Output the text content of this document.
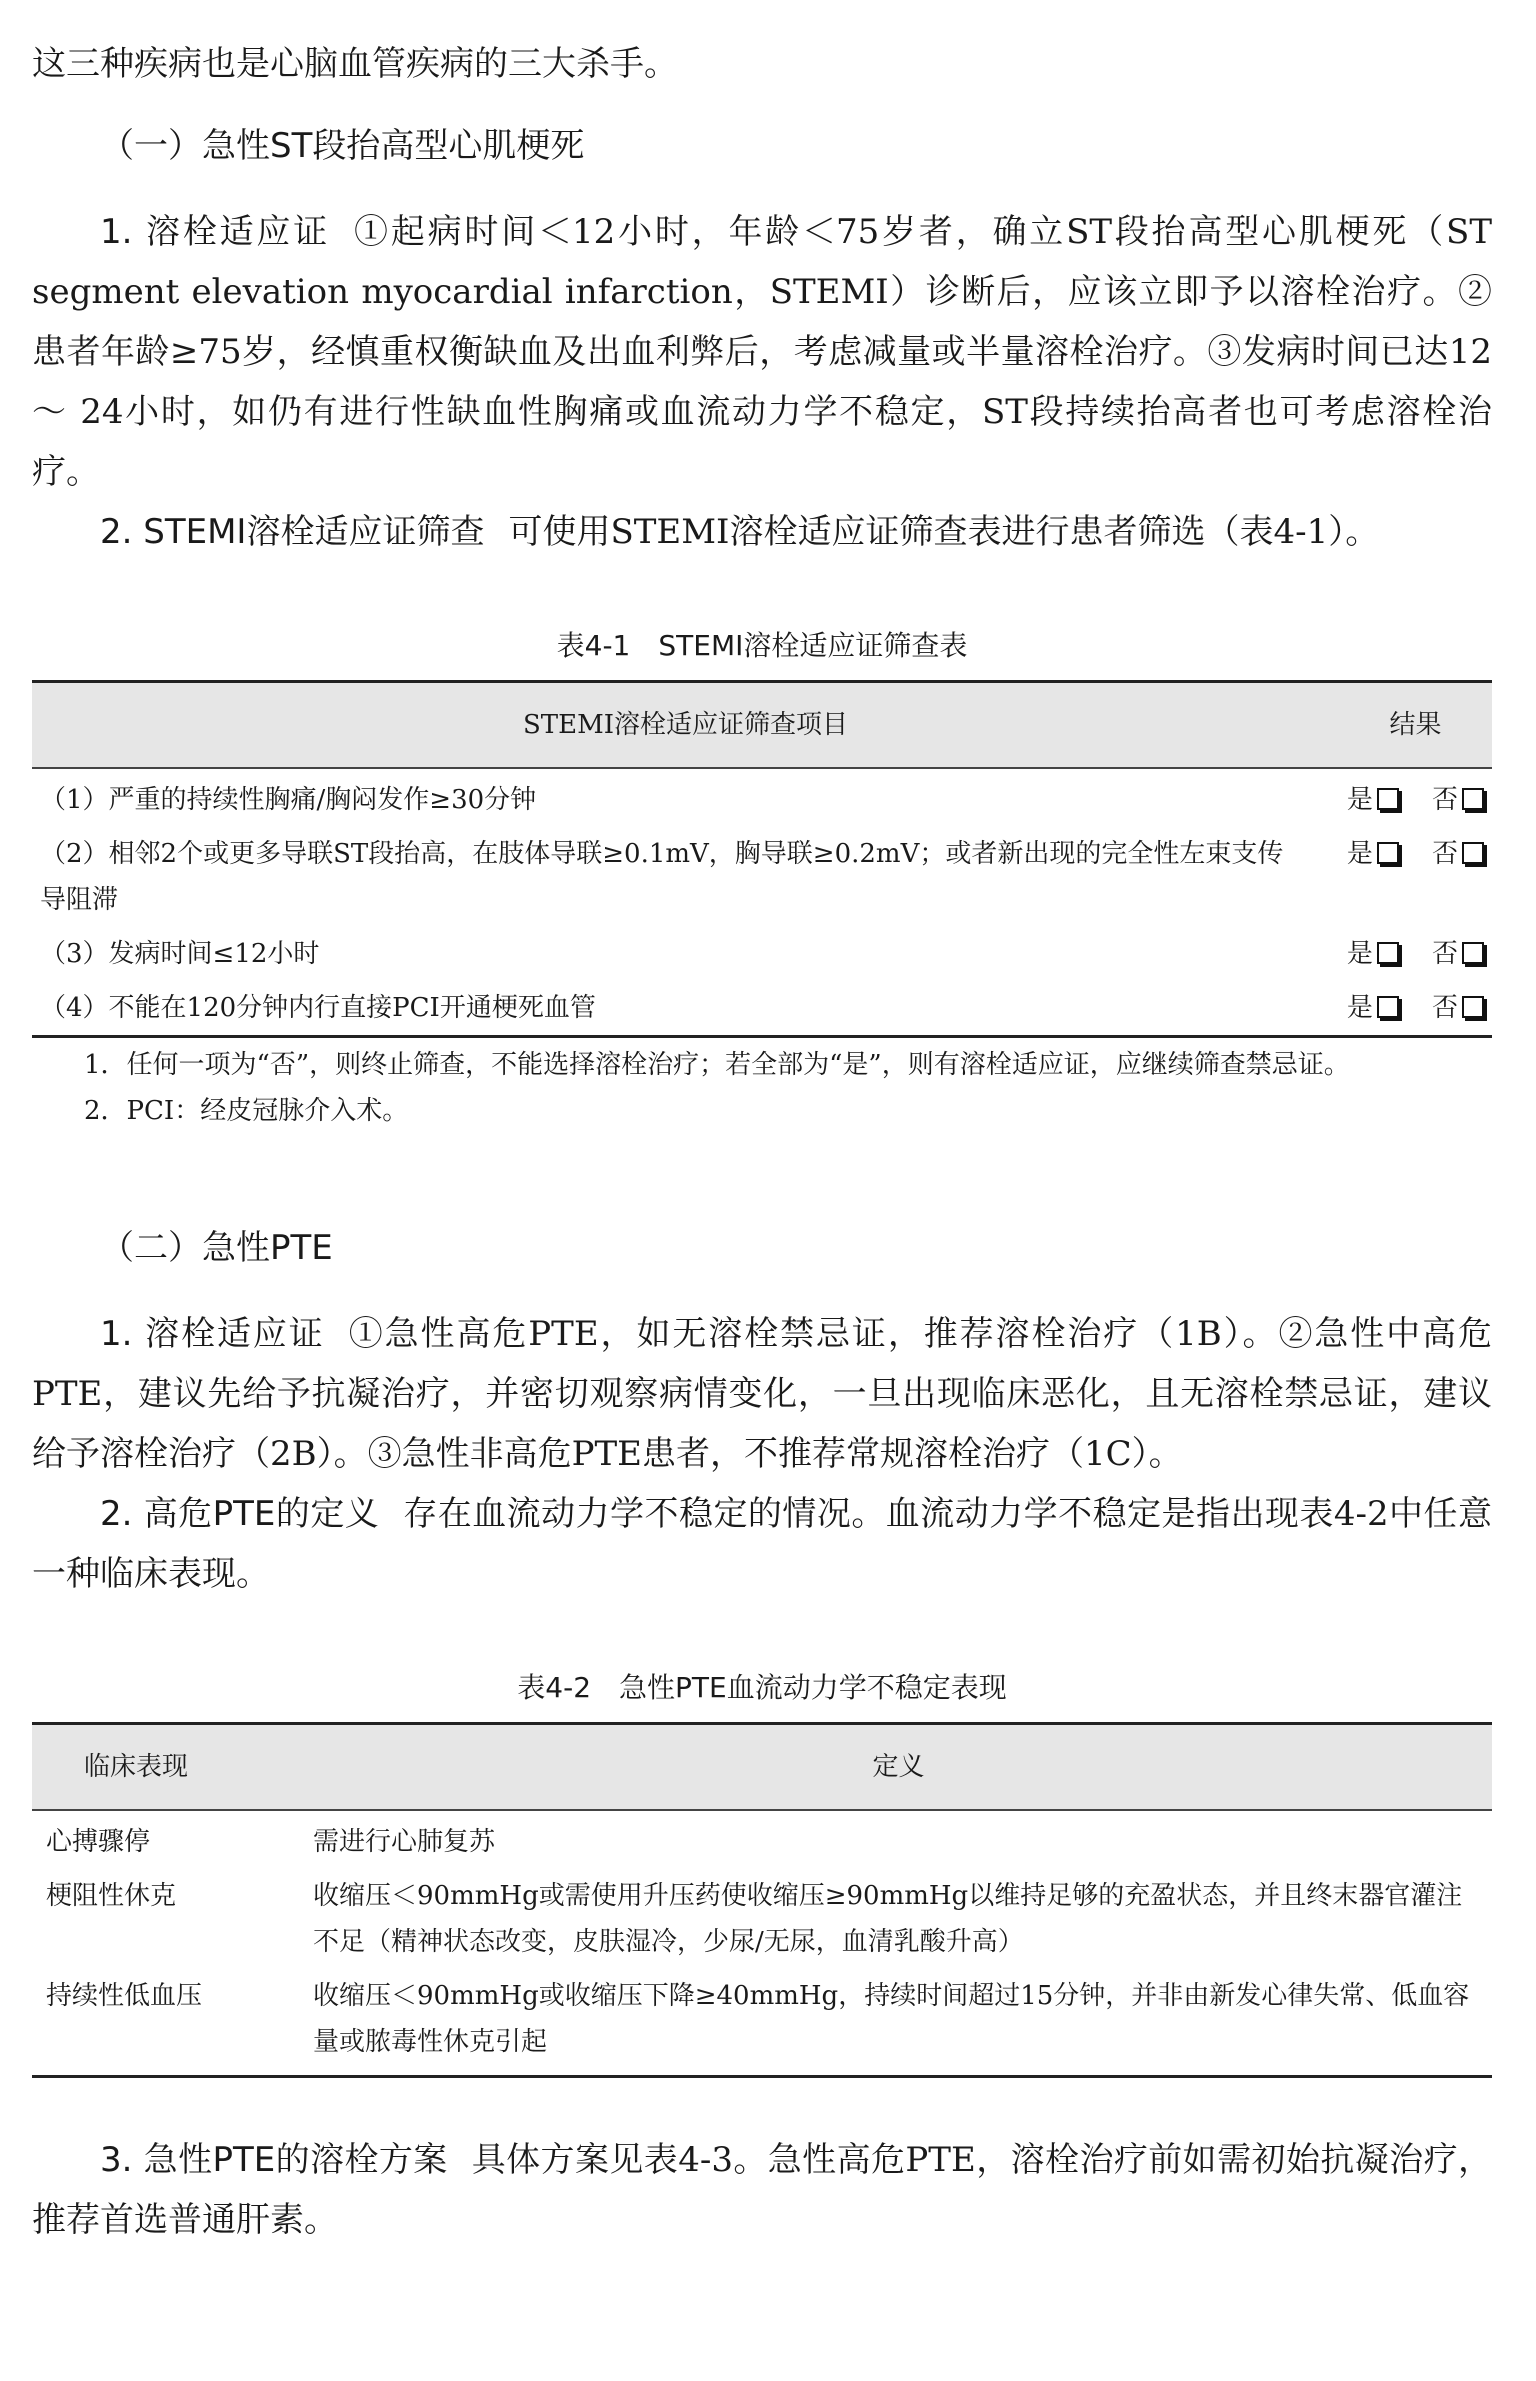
这三种疾病也是心脑血管疾病的三大杀手。

（一）急性ST段抬高型心肌梗死

1. 溶栓适应证 ①起病时间＜12小时，年龄＜75岁者，确立ST段抬高型心肌梗死（ST segment elevation myocardial infarction，STEMI）诊断后，应该立即予以溶栓治疗。②患者年龄≥75岁，经慎重权衡缺血及出血利弊后，考虑减量或半量溶栓治疗。③发病时间已达12 ～ 24小时，如仍有进行性缺血性胸痛或血流动力学不稳定，ST段持续抬高者也可考虑溶栓治疗。

2. STEMI溶栓适应证筛查 可使用STEMI溶栓适应证筛查表进行患者筛选（表4-1）。

表4-1　STEMI溶栓适应证筛查表

STEMI溶栓适应证筛查项目	结果
（1）严重的持续性胸痛/胸闷发作≥30分钟	是 否
（2）相邻2个或更多导联ST段抬高，在肢体导联≥0.1mV，胸导联≥0.2mV；或者新出现的完全性左束支传导阻滞	是 否
（3）发病时间≤12小时	是 否
（4）不能在120分钟内行直接PCI开通梗死血管	是 否

1．任何一项为“否”，则终止筛查，不能选择溶栓治疗；若全部为“是”，则有溶栓适应证，应继续筛查禁忌证。

2．PCI：经皮冠脉介入术。

（二）急性PTE

1. 溶栓适应证 ①急性高危PTE，如无溶栓禁忌证，推荐溶栓治疗（1B）。②急性中高危PTE，建议先给予抗凝治疗，并密切观察病情变化，一旦出现临床恶化，且无溶栓禁忌证，建议给予溶栓治疗（2B）。③急性非高危PTE患者，不推荐常规溶栓治疗（1C）。

2. 高危PTE的定义 存在血流动力学不稳定的情况。血流动力学不稳定是指出现表4-2中任意一种临床表现。

表4-2　急性PTE血流动力学不稳定表现

临床表现	定义
心搏骤停	需进行心肺复苏
梗阻性休克	收缩压＜90mmHg或需使用升压药使收缩压≥90mmHg以维持足够的充盈状态，并且终末器官灌注不足（精神状态改变，皮肤湿冷，少尿/无尿，血清乳酸升高）
持续性低血压	收缩压＜90mmHg或收缩压下降≥40mmHg，持续时间超过15分钟，并非由新发心律失常、低血容量或脓毒性休克引起

3. 急性PTE的溶栓方案 具体方案见表4-3。急性高危PTE，溶栓治疗前如需初始抗凝治疗，推荐首选普通肝素。
